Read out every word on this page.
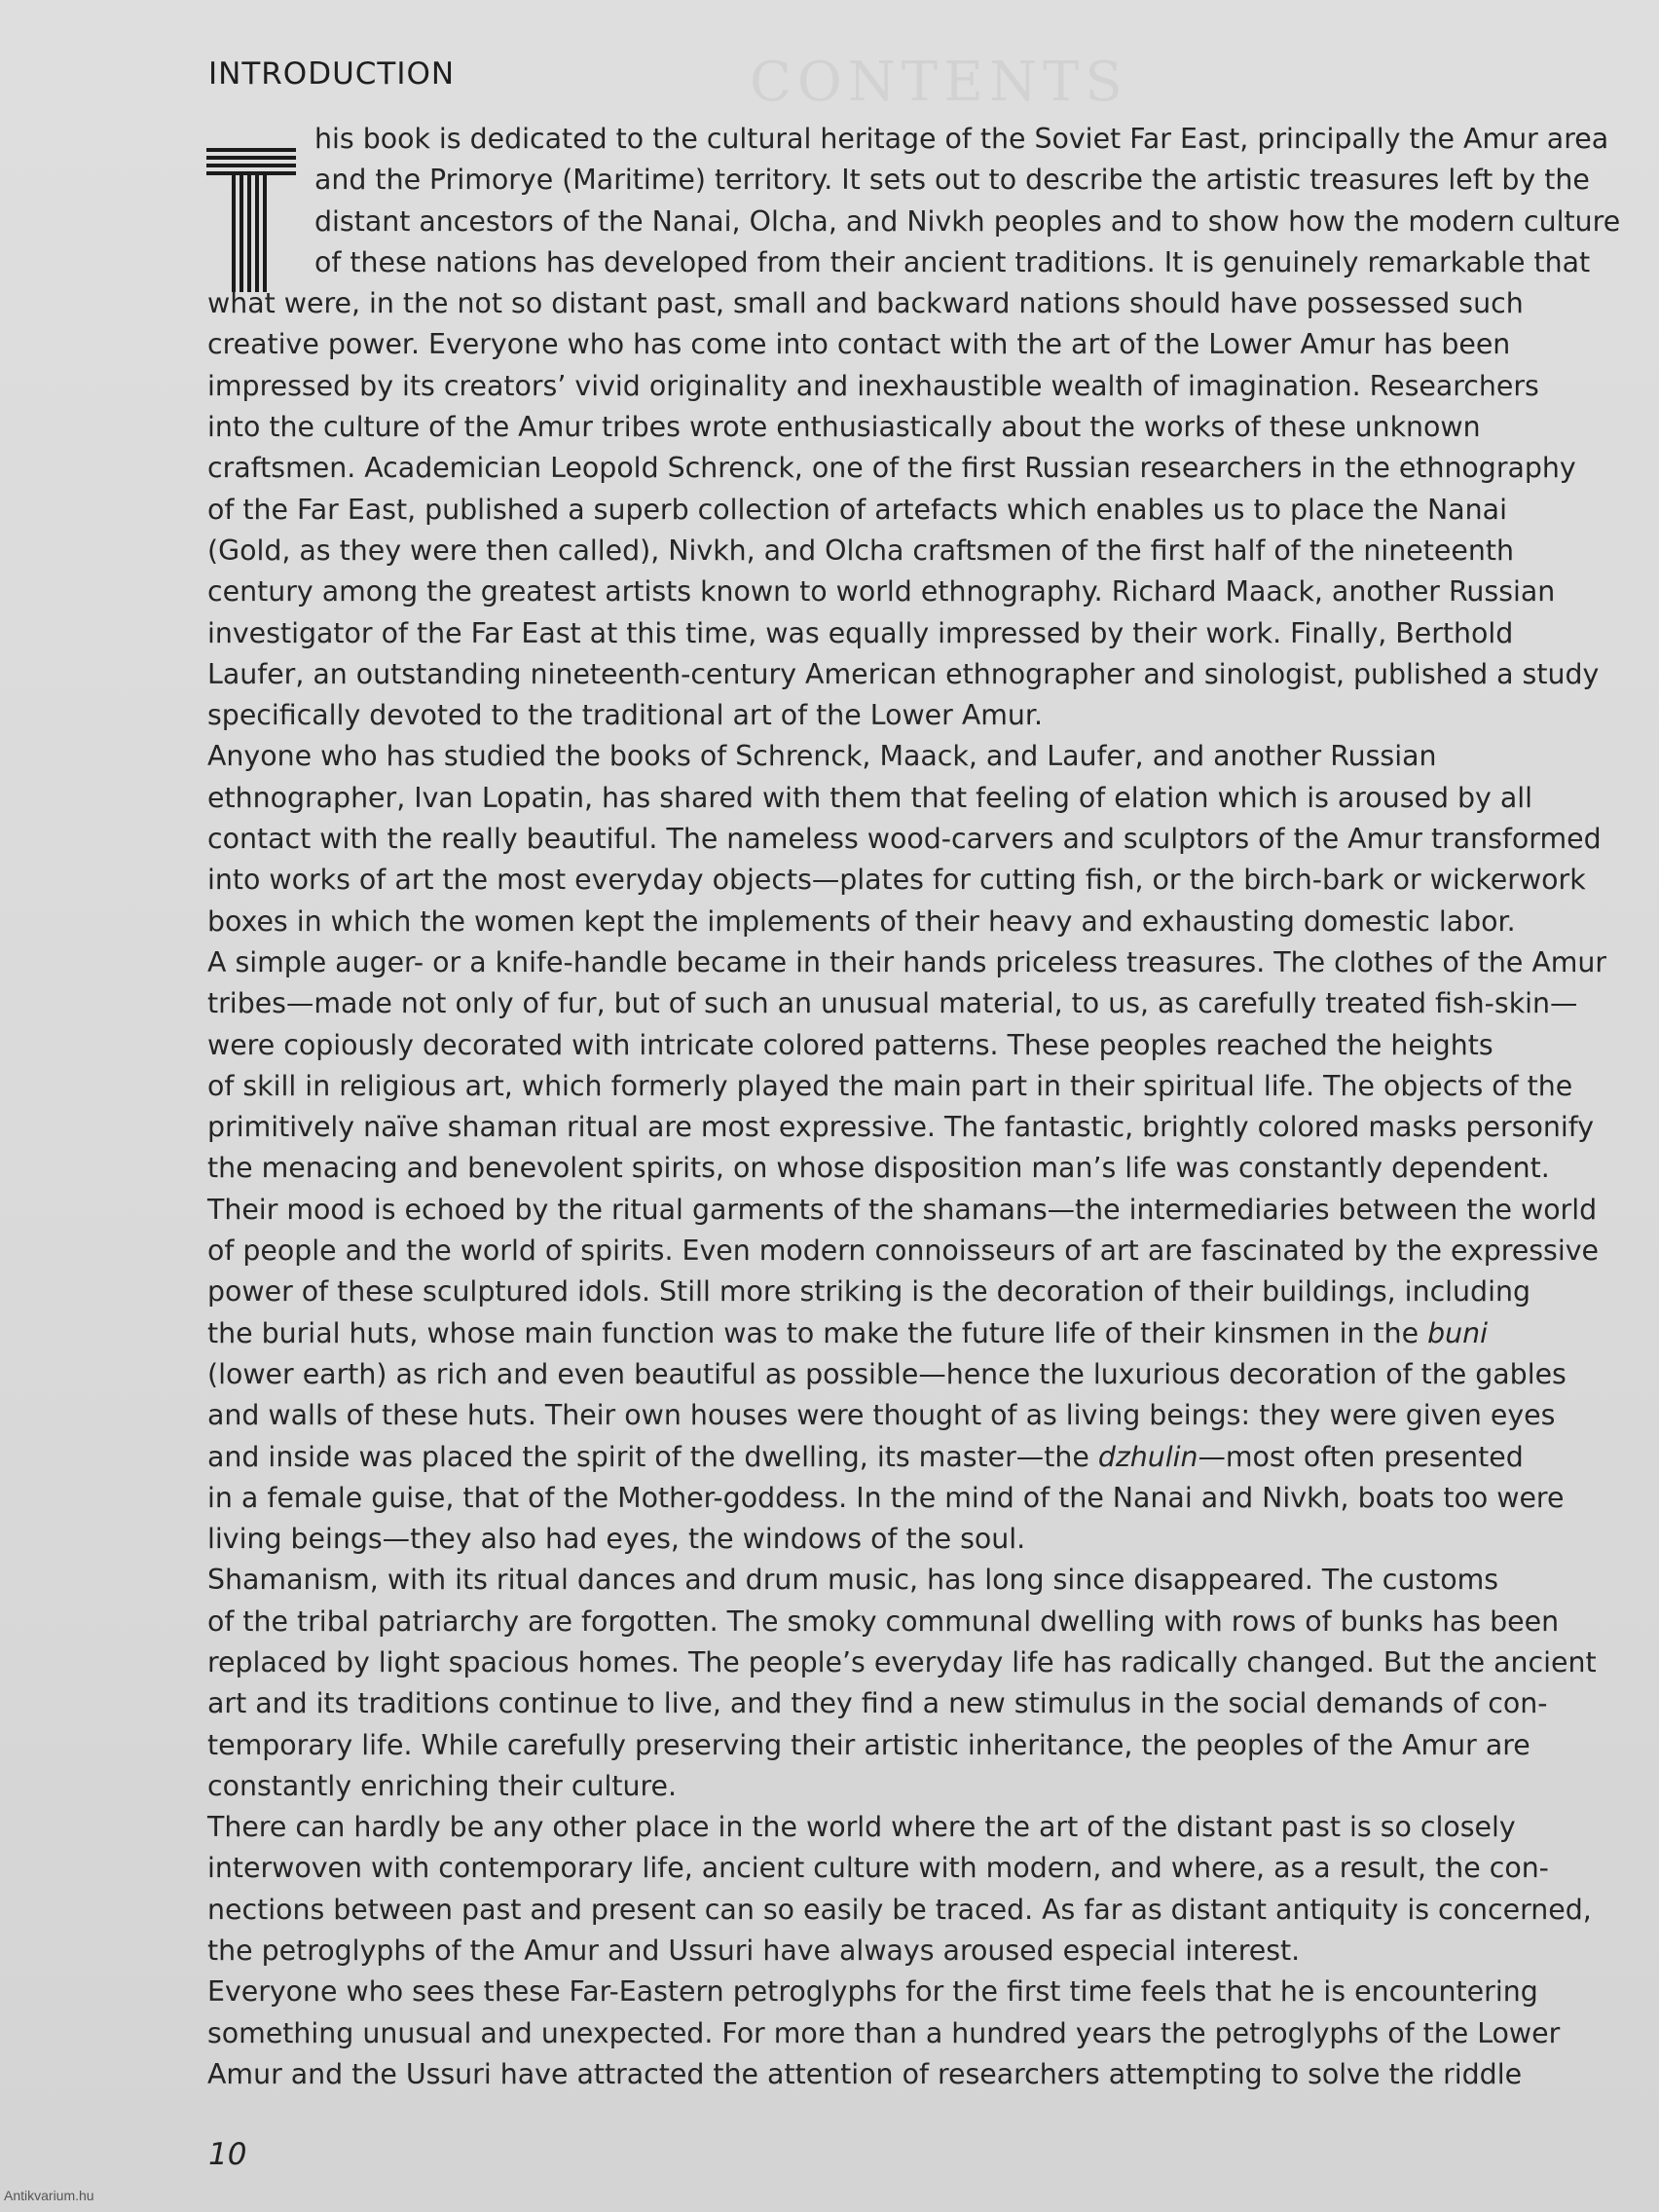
CONTENTS
INTRODUCTION
his book is dedicated to the cultural heritage of the Soviet Far East, principally the Amur area
and the Primorye (Maritime) territory. It sets out to describe the artistic treasures left by the
distant ancestors of the Nanai, Olcha, and Nivkh peoples and to show how the modern culture
of these nations has developed from their ancient traditions. It is genuinely remarkable that
what were, in the not so distant past, small and backward nations should have possessed such
creative power. Everyone who has come into contact with the art of the Lower Amur has been
impressed by its creators’ vivid originality and inexhaustible wealth of imagination. Researchers
into the culture of the Amur tribes wrote enthusiastically about the works of these unknown
craftsmen. Academician Leopold Schrenck, one of the first Russian researchers in the ethnography
of the Far East, published a superb collection of artefacts which enables us to place the Nanai
(Gold, as they were then called), Nivkh, and Olcha craftsmen of the first half of the nineteenth
century among the greatest artists known to world ethnography. Richard Maack, another Russian
investigator of the Far East at this time, was equally impressed by their work. Finally, Berthold
Laufer, an outstanding nineteenth-century American ethnographer and sinologist, published a study
specifically devoted to the traditional art of the Lower Amur.
Anyone who has studied the books of Schrenck, Maack, and Laufer, and another Russian
ethnographer, Ivan Lopatin, has shared with them that feeling of elation which is aroused by all
contact with the really beautiful. The nameless wood-carvers and sculptors of the Amur transformed
into works of art the most everyday objects—plates for cutting fish, or the birch-bark or wickerwork
boxes in which the women kept the implements of their heavy and exhausting domestic labor.
A simple auger- or a knife-handle became in their hands priceless treasures. The clothes of the Amur
tribes—made not only of fur, but of such an unusual material, to us, as carefully treated fish-skin—
were copiously decorated with intricate colored patterns. These peoples reached the heights
of skill in religious art, which formerly played the main part in their spiritual life. The objects of the
primitively naïve shaman ritual are most expressive. The fantastic, brightly colored masks personify
the menacing and benevolent spirits, on whose disposition man’s life was constantly dependent.
Their mood is echoed by the ritual garments of the shamans—the intermediaries between the world
of people and the world of spirits. Even modern connoisseurs of art are fascinated by the expressive
power of these sculptured idols. Still more striking is the decoration of their buildings, including
the burial huts, whose main function was to make the future life of their kinsmen in the buni
(lower earth) as rich and even beautiful as possible—hence the luxurious decoration of the gables
and walls of these huts. Their own houses were thought of as living beings: they were given eyes
and inside was placed the spirit of the dwelling, its master—the dzhulin—most often presented
in a female guise, that of the Mother-goddess. In the mind of the Nanai and Nivkh, boats too were
living beings—they also had eyes, the windows of the soul.
Shamanism, with its ritual dances and drum music, has long since disappeared. The customs
of the tribal patriarchy are forgotten. The smoky communal dwelling with rows of bunks has been
replaced by light spacious homes. The people’s everyday life has radically changed. But the ancient
art and its traditions continue to live, and they find a new stimulus in the social demands of con-
temporary life. While carefully preserving their artistic inheritance, the peoples of the Amur are
constantly enriching their culture.
There can hardly be any other place in the world where the art of the distant past is so closely
interwoven with contemporary life, ancient culture with modern, and where, as a result, the con-
nections between past and present can so easily be traced. As far as distant antiquity is concerned,
the petroglyphs of the Amur and Ussuri have always aroused especial interest.
Everyone who sees these Far-Eastern petroglyphs for the first time feels that he is encountering
something unusual and unexpected. For more than a hundred years the petroglyphs of the Lower
Amur and the Ussuri have attracted the attention of researchers attempting to solve the riddle
10
Antikvarium.hu
